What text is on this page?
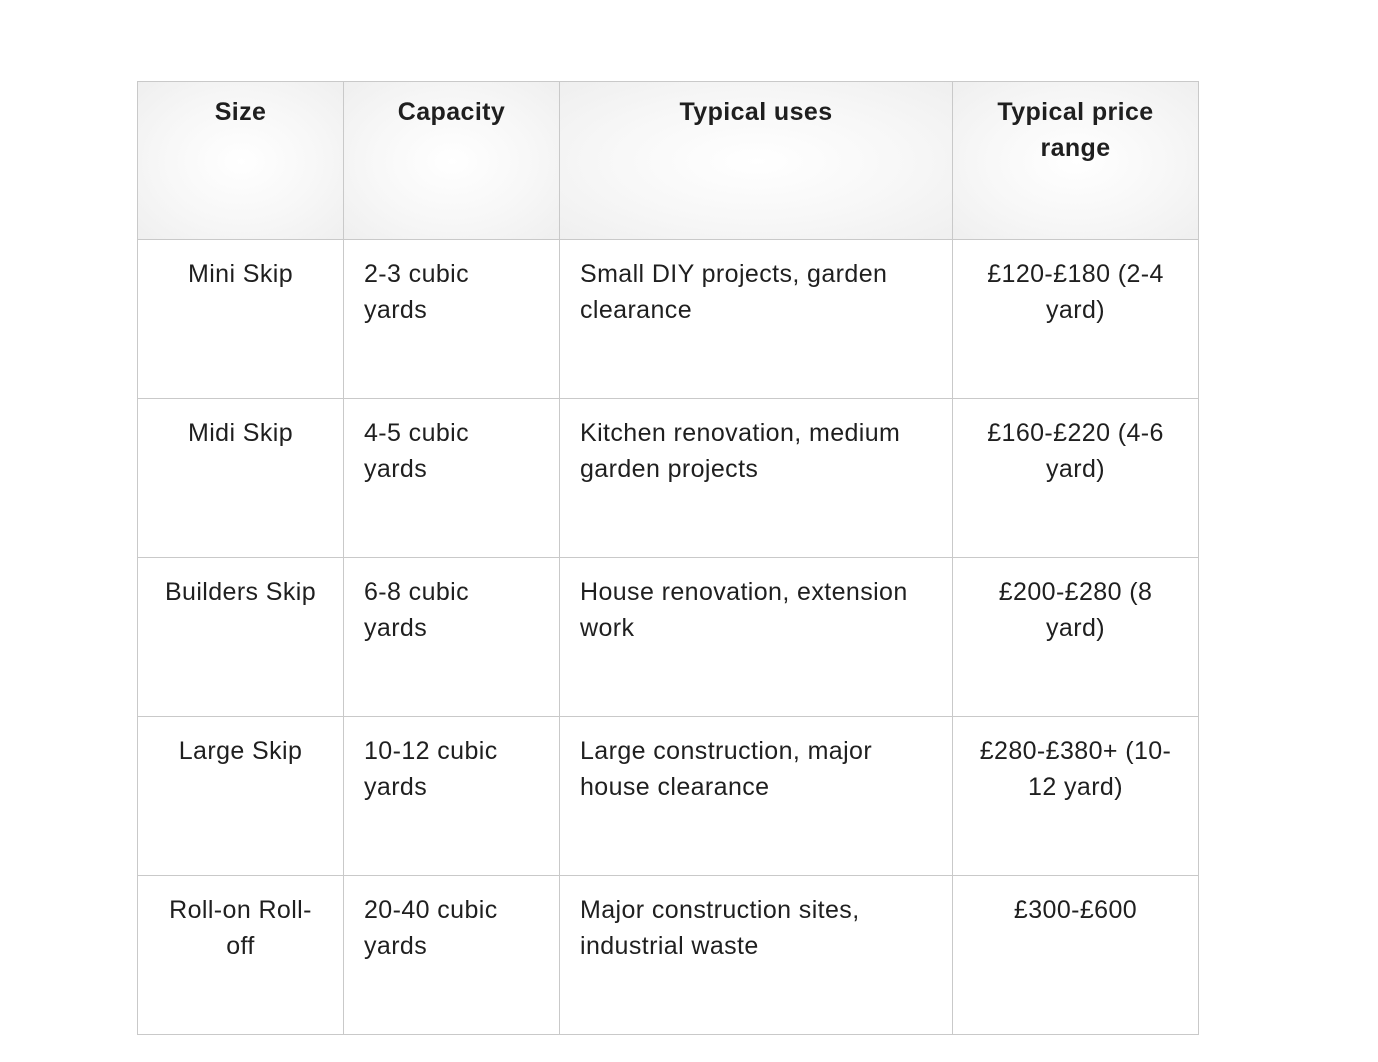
Size	Capacity	Typical uses	Typical price range
Mini Skip	2-3 cubic yards	Small DIY projects, garden clearance	£120-£180 (2-4 yard)
Midi Skip	4-5 cubic yards	Kitchen renovation, medium garden projects	£160-£220 (4-6 yard)
Builders Skip	6-8 cubic yards	House renovation, extension work	£200-£280 (8 yard)
Large Skip	10-12 cubic yards	Large construction, major house clearance	£280-£380+ (10-12 yard)
Roll-on Roll-off	20-40 cubic yards	Major construction sites, industrial waste	£300-£600
